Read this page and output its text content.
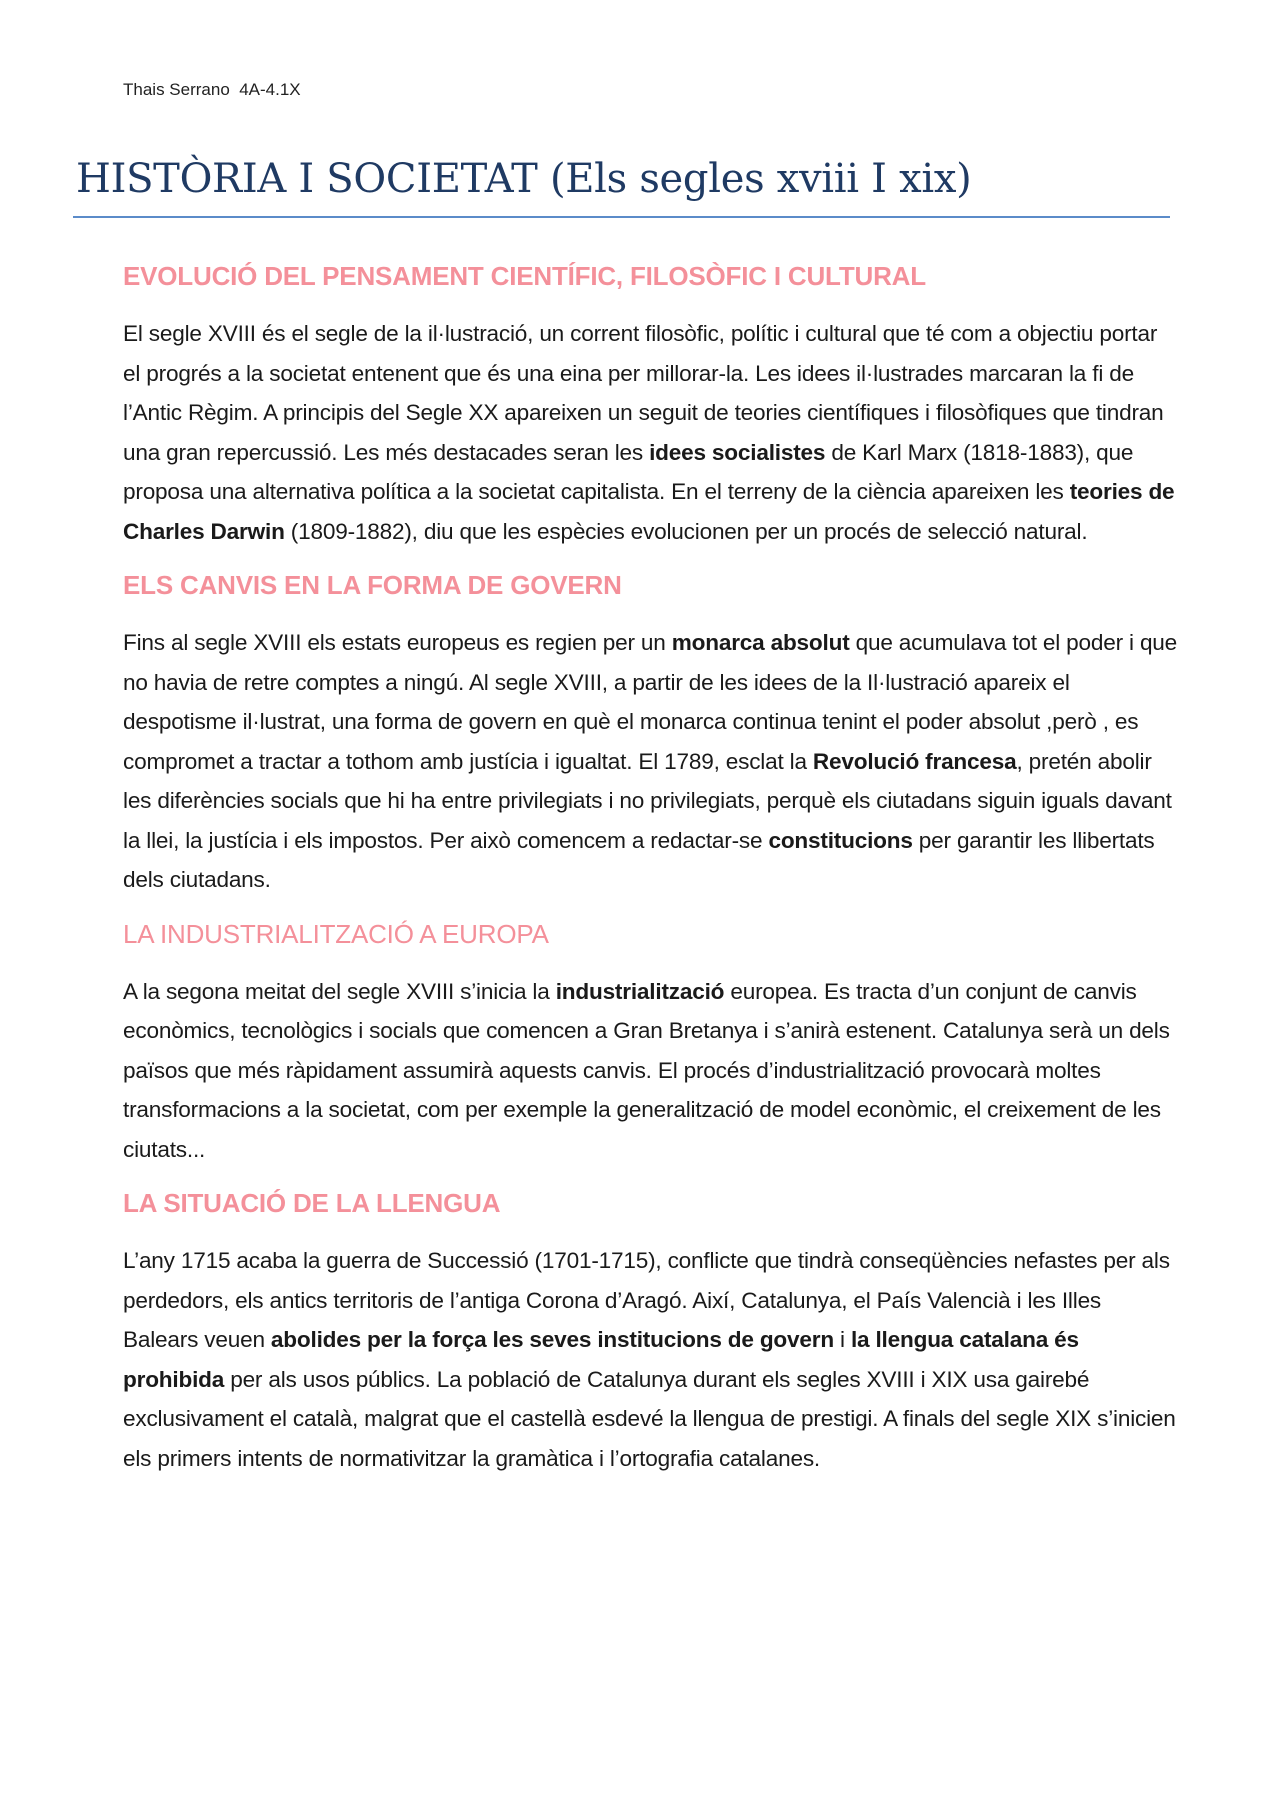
Thais Serrano  4A-4.1X
HISTÒRIA I SOCIETAT (Els segles xviii I xix)
EVOLUCIÓ DEL PENSAMENT CIENTÍFIC, FILOSÒFIC I CULTURAL

El segle XVIII és el segle de la il·lustració, un corrent filosòfic, polític i cultural que té com a objectiu portar el progrés a la societat entenent que és una eina per millorar-la. Les idees il·lustrades marcaran la fi de l’Antic Règim. A principis del Segle XX apareixen un seguit de teories científiques i filosòfiques que tindran una gran repercussió. Les més destacades seran les idees socialistes de Karl Marx (1818-1883), que proposa una alternativa política a la societat capitalista. En el terreny de la ciència apareixen les teories de Charles Darwin (1809-1882), diu que les espècies evolucionen per un procés de selecció natural.

ELS CANVIS EN LA FORMA DE GOVERN

Fins al segle XVIII els estats europeus es regien per un monarca absolut que acumulava tot el poder i que no havia de retre comptes a ningú. Al segle XVIII, a partir de les idees de la Il·lustració apareix el despotisme il·lustrat, una forma de govern en què el monarca continua tenint el poder absolut ,però , es compromet a tractar a tothom amb justícia i igualtat. El 1789, esclat la Revolució francesa, pretén abolir les diferències socials que hi ha entre privilegiats i no privilegiats, perquè els ciutadans siguin iguals davant la llei, la justícia i els impostos. Per això comencem a redactar-se constitucions per garantir les llibertats dels ciutadans.

LA INDUSTRIALITZACIÓ A EUROPA

A la segona meitat del segle XVIII s’inicia la industrialització europea. Es tracta d’un conjunt de canvis econòmics, tecnològics i socials que comencen a Gran Bretanya i s’anirà estenent. Catalunya serà un dels països que més ràpidament assumirà aquests canvis. El procés d’industrialització provocarà moltes transformacions a la societat, com per exemple la generalització de model econòmic, el creixement de les ciutats...

LA SITUACIÓ DE LA LLENGUA

L’any 1715 acaba la guerra de Successió (1701-1715), conflicte que tindrà conseqüències nefastes per als perdedors, els antics territoris de l’antiga Corona d’Aragó. Així, Catalunya, el País Valencià i les Illes Balears veuen abolides per la força les seves institucions de govern i la llengua catalana és prohibida per als usos públics. La població de Catalunya durant els segles XVIII i XIX usa gairebé exclusivament el català, malgrat que el castellà esdevé la llengua de prestigi. A finals del segle XIX s’inicien els primers intents de normativitzar la gramàtica i l’ortografia catalanes.
